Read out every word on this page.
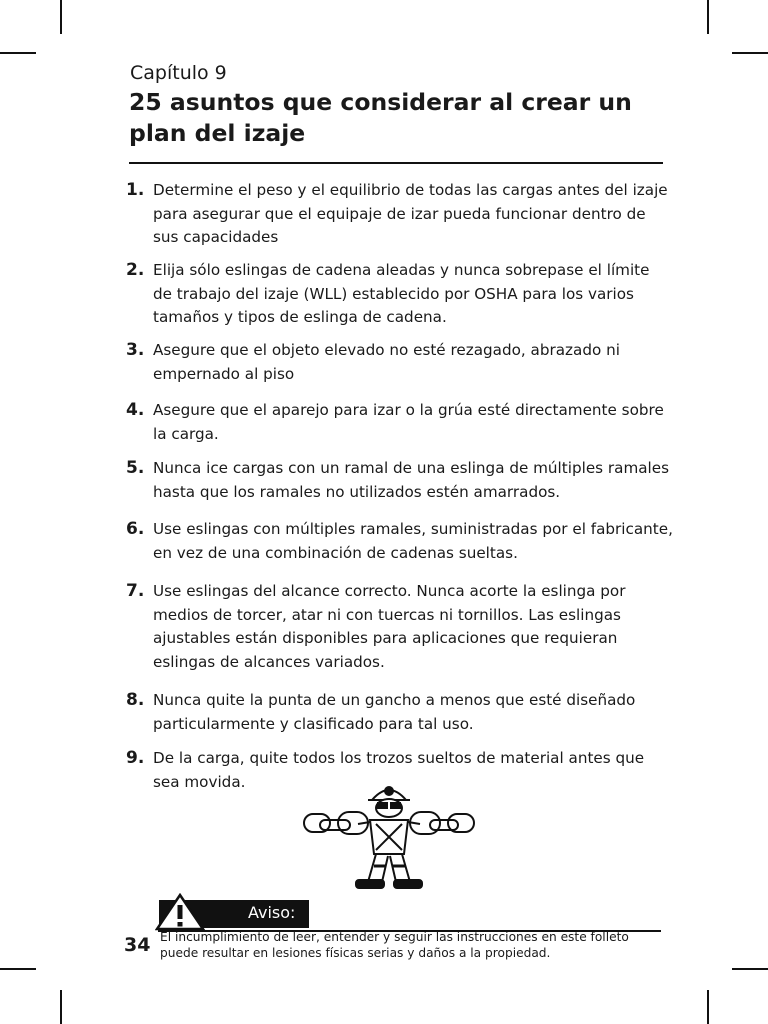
Capítulo 9
25 asuntos que considerar al crear un plan del izaje
1. Determine el peso y el equilibrio de todas las cargas antes del izaje para asegurar que el equipaje de izar pueda funcionar dentro de sus capacidades
2. Elija sólo eslingas de cadena aleadas y nunca sobrepase el límite de trabajo del izaje (WLL) establecido por OSHA para los varios tamaños y tipos de eslinga de cadena.
3. Asegure que el objeto elevado no esté rezagado, abrazado ni empernado al piso
4. Asegure que el aparejo para izar o la grúa esté directamente sobre la carga.
5. Nunca ice cargas con un ramal de una eslinga de múltiples ramales hasta que los ramales no utilizados estén amarrados.
6. Use eslingas con múltiples ramales, suministradas por el fabricante, en vez de una combinación de cadenas sueltas.
7. Use eslingas del alcance correcto. Nunca acorte la eslinga por medios de torcer, atar ni con tuercas ni tornillos. Las eslingas ajustables están disponibles para aplicaciones que requieran eslingas de alcances variados.
8. Nunca quite la punta de un gancho a menos que esté diseñado particularmente y clasificado para tal uso.
9. De la carga, quite todos los trozos sueltos de material antes que sea movida.
Aviso:
34 El incumplimiento de leer, entender y seguir las instrucciones en este folleto puede resultar en lesiones físicas serias y daños a la propiedad.
